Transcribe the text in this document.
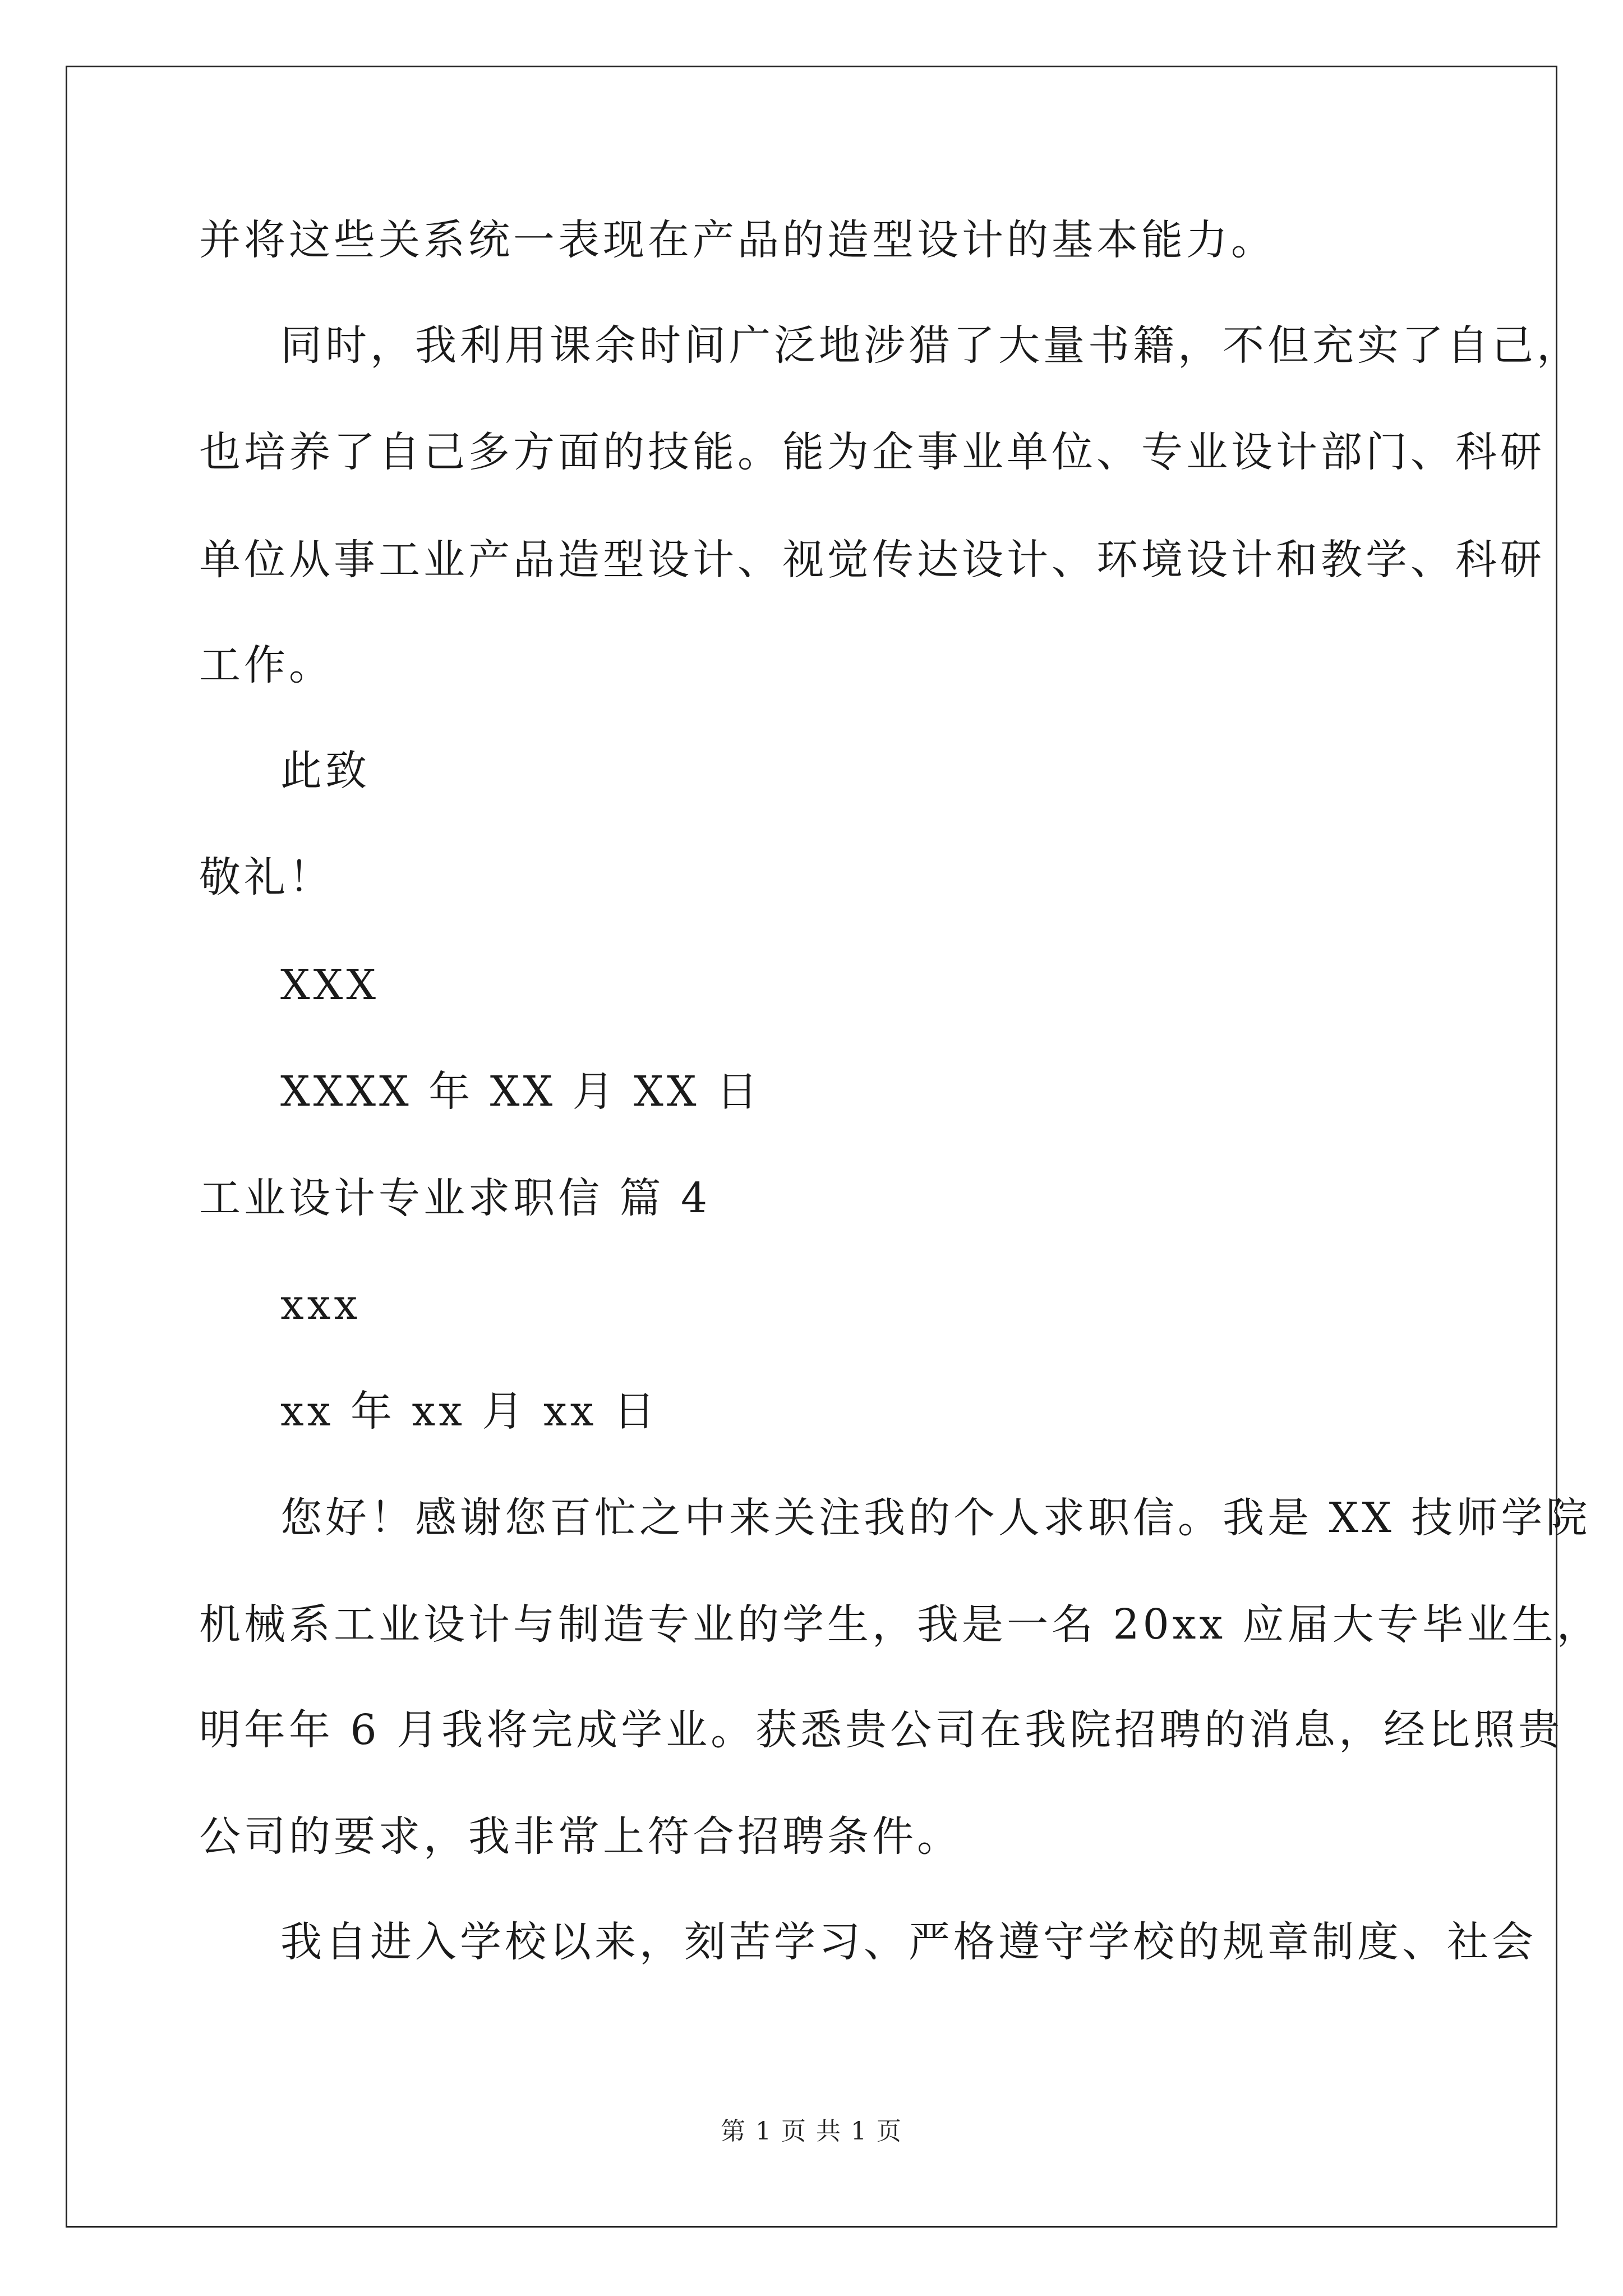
并将这些关系统一表现在产品的造型设计的基本能力。
同时，我利用课余时间广泛地涉猎了大量书籍，不但充实了自己，
也培养了自己多方面的技能。能为企事业单位、专业设计部门、科研
单位从事工业产品造型设计、视觉传达设计、环境设计和教学、科研
工作。
此致
敬礼！
XXX
XXXX 年 XX 月 XX 日
工业设计专业求职信 篇 4
xxx
xx 年 xx 月 xx 日
您好！感谢您百忙之中来关注我的个人求职信。我是 XX 技师学院
机械系工业设计与制造专业的学生，我是一名 20xx 应届大专毕业生，
明年年 6 月我将完成学业。获悉贵公司在我院招聘的消息，经比照贵
公司的要求，我非常上符合招聘条件。
我自进入学校以来，刻苦学习、严格遵守学校的规章制度、社会
第 1 页 共 1 页
